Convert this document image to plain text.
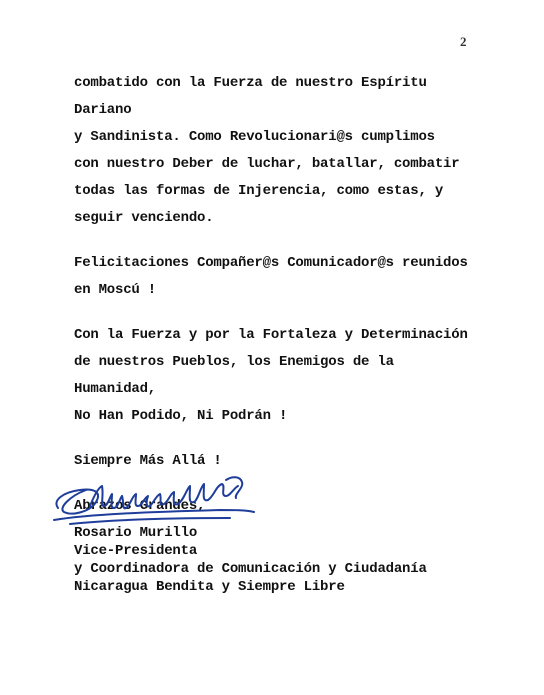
2

combatido con la Fuerza de nuestro Espíritu Dariano
y Sandinista. Como Revolucionari@s cumplimos
con nuestro Deber de luchar, batallar, combatir
todas las formas de Injerencia, como estas, y
seguir venciendo.

Felicitaciones Compañer@s Comunicador@s reunidos
en Moscú !

Con la Fuerza y por la Fortaleza y Determinación
de nuestros Pueblos, los Enemigos de la Humanidad,
No Han Podido, Ni Podrán !

Siempre Más Allá !

Abrazos Grandes,

Rosario Murillo
Vice-Presidenta
y Coordinadora de Comunicación y Ciudadanía
Nicaragua Bendita y Siempre Libre
